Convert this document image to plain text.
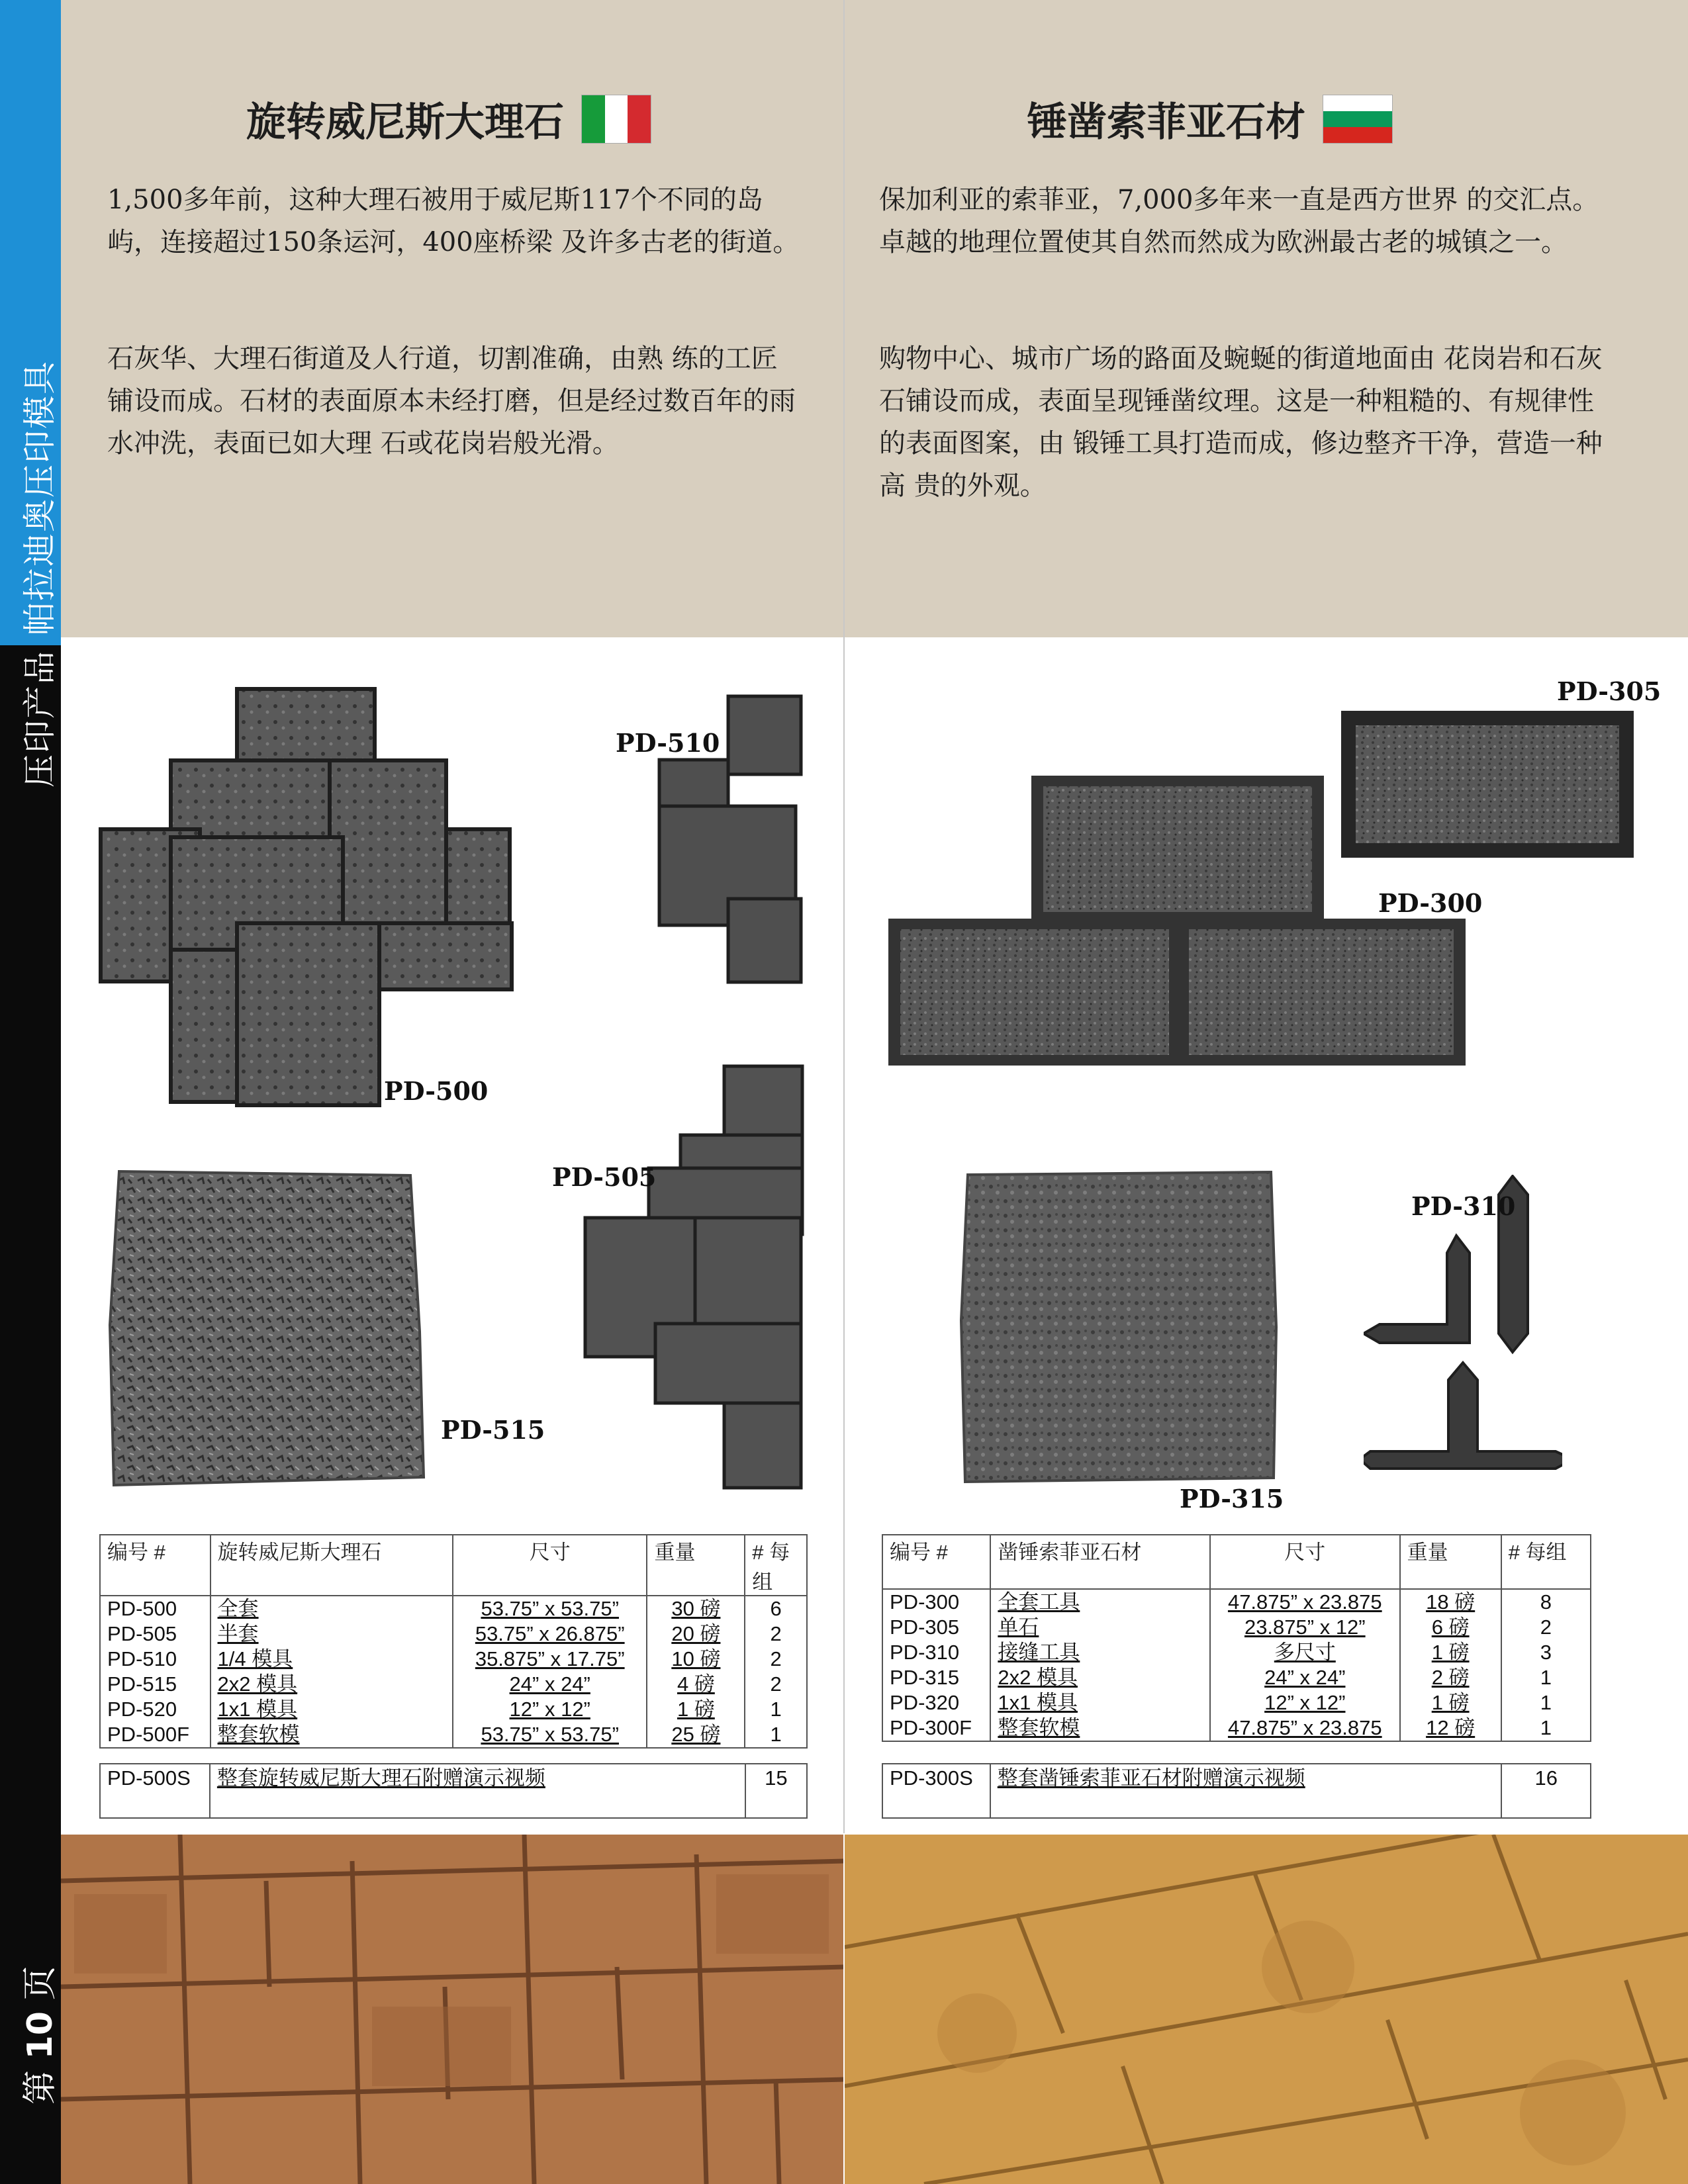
帕拉迪奥压印模具
压印产品
第 10 页
旋转威尼斯大理石
1,500多年前，这种大理石被用于威尼斯117个不同的岛屿，连接超过150条运河，400座桥梁 及许多古老的街道。
石灰华、大理石街道及人行道，切割准确，由熟 练的工匠铺设而成。石材的表面原本未经打磨，但是经过数百年的雨水冲洗，表面已如大理 石或花岗岩般光滑。
锤凿索菲亚石材
保加利亚的索菲亚，7,000多年来一直是西方世界 的交汇点。卓越的地理位置使其自然而然成为欧洲最古老的城镇之一。
购物中心、城市广场的路面及蜿蜒的街道地面由 花岗岩和石灰石铺设而成，表面呈现锤凿纹理。这是一种粗糙的、有规律性的表面图案，由 锻锤工具打造而成，修边整齐干净，营造一种高 贵的外观。
PD-500
PD-510
PD-515
PD-505
PD-305
PD-300
PD-315
PD-310
编号 #	旋转威尼斯大理石	尺寸	重量	# 每组
PD-500	全套	53.75” x 53.75”	30 磅	6
PD-505	半套	53.75” x 26.875”	20 磅	2
PD-510	1/4 模具	35.875” x 17.75”	10 磅	2
PD-515	2x2 模具	24” x 24”	4 磅	2
PD-520	1x1 模具	12” x 12”	1 磅	1
PD-500F	整套软模	53.75” x 53.75”	25 磅	1
PD-500S	整套旋转威尼斯大理石附赠演示视频	15
编号 #	凿锤索菲亚石材	尺寸	重量	# 每组
PD-300	全套工具	47.875” x 23.875	18 磅	8
PD-305	单石	23.875” x 12”	6 磅	2
PD-310	接缝工具	多尺寸	1 磅	3
PD-315	2x2 模具	24” x 24”	2 磅	1
PD-320	1x1 模具	12” x 12”	1 磅	1
PD-300F	整套软模	47.875” x 23.875	12 磅	1
PD-300S	整套凿锤索菲亚石材附赠演示视频	16
